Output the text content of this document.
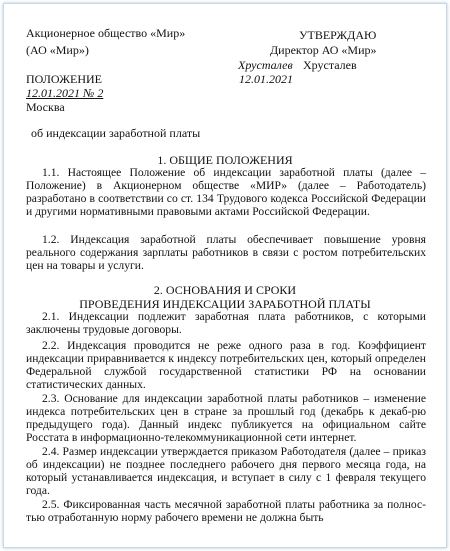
Акционерное общество «Мир»
(АО «Мир»)
УТВЕРЖДАЮ
Директор АО «Мир»
Хрусталев Хрусталев
12.01.2021
ПОЛОЖЕНИЕ
12.01.2021 № 2
Москва
об индексации заработной платы
1. ОБЩИЕ ПОЛОЖЕНИЯ
1.1. Настоящее Положение об индексации заработной платы (далее – Положение) в Акционерном обществе «МИР» (далее – Работодатель) разработано в соответствии со ст. 134 Трудового кодекса Российской Федерации и другими нормативными правовыми актами Российской Федерации.
1.2. Индексация заработной платы обеспечивает повышение уровня реального содержания зарплаты работников в связи с ростом потребительских цен на товары и услуги.
2. ОСНОВАНИЯ И СРОКИ
ПРОВЕДЕНИЯ ИНДЕКСАЦИИ ЗАРАБОТНОЙ ПЛАТЫ
2.1. Индексации подлежит заработная плата работников, с которыми заключены трудовые договоры.
2.2. Индексация проводится не реже одного раза в год. Коэффициент индексации приравнивается к индексу потребительских цен, который определен Федеральной службой государственной статистики РФ на основании статистических данных.
2.3. Основание для индексации заработной платы работников – изменение индекса потребительских цен в стране за прошлый год (декабрь к декаб-рю предыдущего года). Данный индекс публикуется на официальном сайте Росстата в информационно-телекоммуникационной сети интернет.
2.4. Размер индексации утверждается приказом Работодателя (далее – приказ об индексации) не позднее последнего рабочего дня первого месяца года, на который устанавливается индексация, и вступает в силу с 1 февраля текущего года.
2.5. Фиксированная часть месячной заработной платы работника за полнос-тью отработанную норму рабочего времени не должна быть
